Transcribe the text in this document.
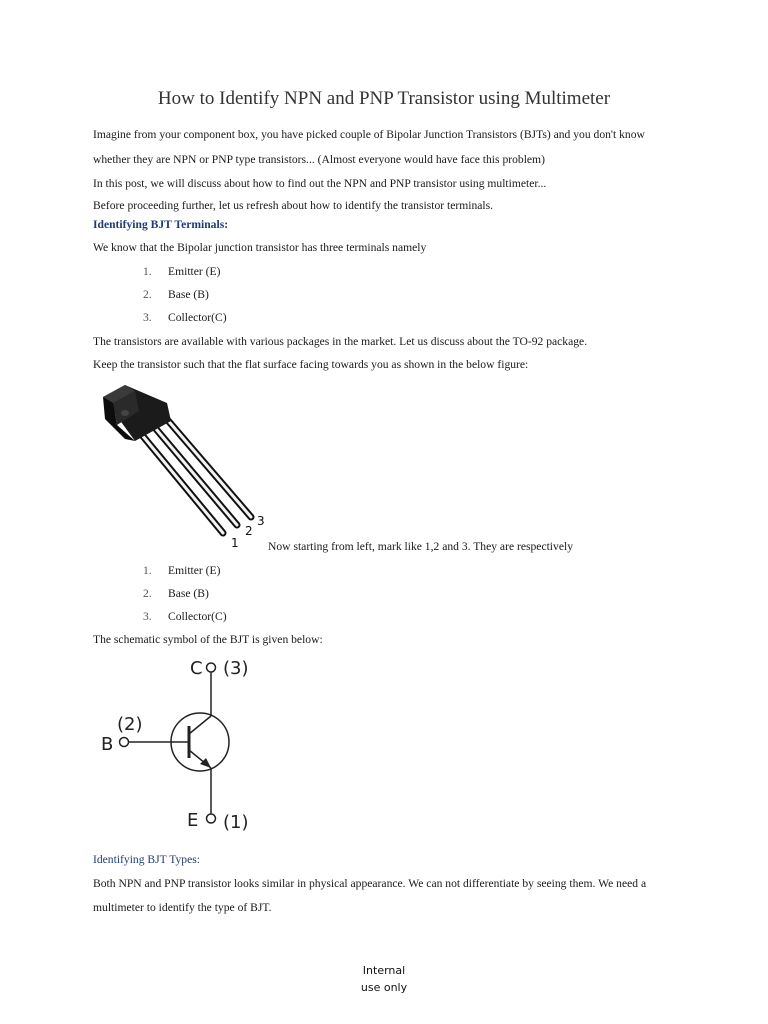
How to Identify NPN and PNP Transistor using Multimeter
Imagine from your component box, you have picked couple of Bipolar Junction Transistors (BJTs) and you don't know
whether they are NPN or PNP type transistors... (Almost everyone would have face this problem)
In this post, we will discuss about how to find out the NPN and PNP transistor using multimeter...
Before proceeding further, let us refresh about how to identify the transistor terminals.
Identifying BJT Terminals:
We know that the Bipolar junction transistor has three terminals namely
1. Emitter (E)
2. Base (B)
3. Collector(C)
The transistors are available with various packages in the market. Let us discuss about the TO-92 package.
Keep the transistor such that the flat surface facing towards you as shown in the below figure:
1
2
3
Now starting from left, mark like 1,2 and 3. They are respectively
1. Emitter (E)
2. Base (B)
3. Collector(C)
The schematic symbol of the BJT is given below:
C (3)
(2)
B
E (1)
Identifying BJT Types:
Both NPN and PNP transistor looks similar in physical appearance. We can not differentiate by seeing them. We need a
multimeter to identify the type of BJT.
Internal
use only
